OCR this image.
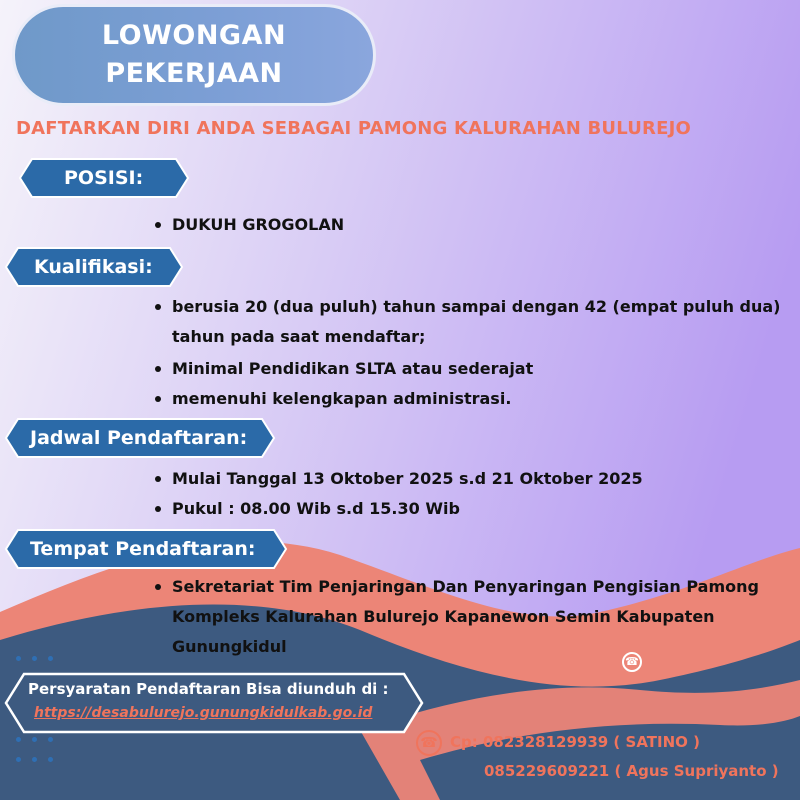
LOWONGAN
PEKERJAAN
DAFTARKAN DIRI ANDA SEBAGAI PAMONG KALURAHAN BULUREJO
POSISI:
DUKUH GROGOLAN
Kualifikasi:
berusia 20 (dua puluh) tahun sampai dengan 42 (empat puluh dua) tahun pada saat mendaftar;
Minimal Pendidikan SLTA atau sederajat
memenuhi kelengkapan administrasi.
Jadwal Pendaftaran:
Mulai Tanggal 13 Oktober 2025 s.d 21 Oktober 2025
Pukul : 08.00 Wib s.d 15.30 Wib
Tempat Pendaftaran:
Sekretariat Tim Penjaringan Dan Penyaringan Pengisian Pamong Kompleks Kalurahan Bulurejo Kapanewon Semin Kabupaten Gunungkidul
Persyaratan Pendaftaran Bisa diunduh di :
https://desabulurejo.gunungkidulkab.go.id
☎
☎ Cp: 082328129939 ( SATINO )
085229609221 ( Agus Supriyanto )
